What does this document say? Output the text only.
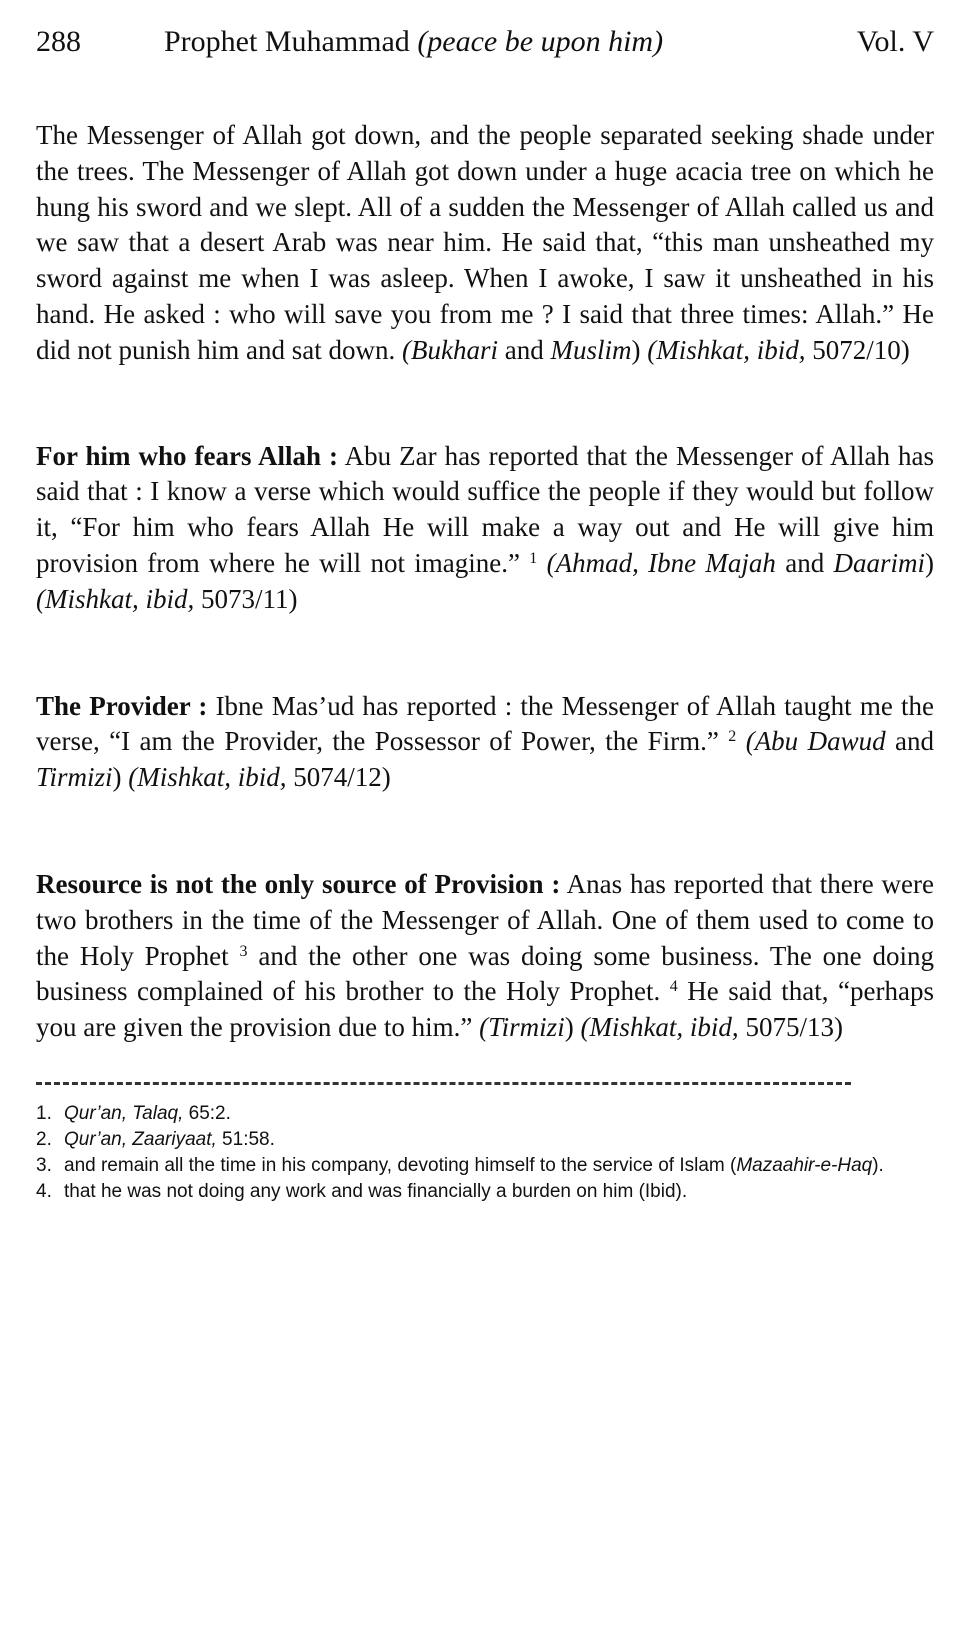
288	Prophet Muhammad (peace be upon him)	Vol. V

The Messenger of Allah got down, and the people separated seeking shade under the trees. The Messenger of Allah got down under a huge acacia tree on which he hung his sword and we slept. All of a sudden the Messenger of Allah called us and we saw that a desert Arab was near him. He said that, “this man unsheathed my sword against me when I was asleep. When I awoke, I saw it unsheathed in his hand. He asked : who will save you from me ? I said that three times: Allah.” He did not punish him and sat down. (Bukhari and Muslim) (Mishkat, ibid, 5072/10)

For him who fears Allah : Abu Zar has reported that the Messenger of Allah has said that : I know a verse which would suffice the people if they would but follow it, “For him who fears Allah He will make a way out and He will give him provision from where he will not imagine.” $^1$ (Ahmad, Ibne Majah and Daarimi) (Mishkat, ibid, 5073/11)

The Provider : Ibne Mas’ud has reported : the Messenger of Allah taught me the verse, “I am the Provider, the Possessor of Power, the Firm.” $^2$ (Abu Dawud and Tirmizi) (Mishkat, ibid, 5074/12)

Resource is not the only source of Provision : Anas has reported that there were two brothers in the time of the Messenger of Allah. One of them used to come to the Holy Prophet $^3$ and the other one was doing some business. The one doing business complained of his brother to the Holy Prophet. $^4$ He said that, “perhaps you are given the provision due to him.” (Tirmizi) (Mishkat, ibid, 5075/13)

1. Qur’an, Talaq, 65:2.
2. Qur’an, Zaariyaat, 51:58.
3. and remain all the time in his company, devoting himself to the service of Islam (Mazaahir-e-Haq).
4. that he was not doing any work and was financially a burden on him (Ibid).
